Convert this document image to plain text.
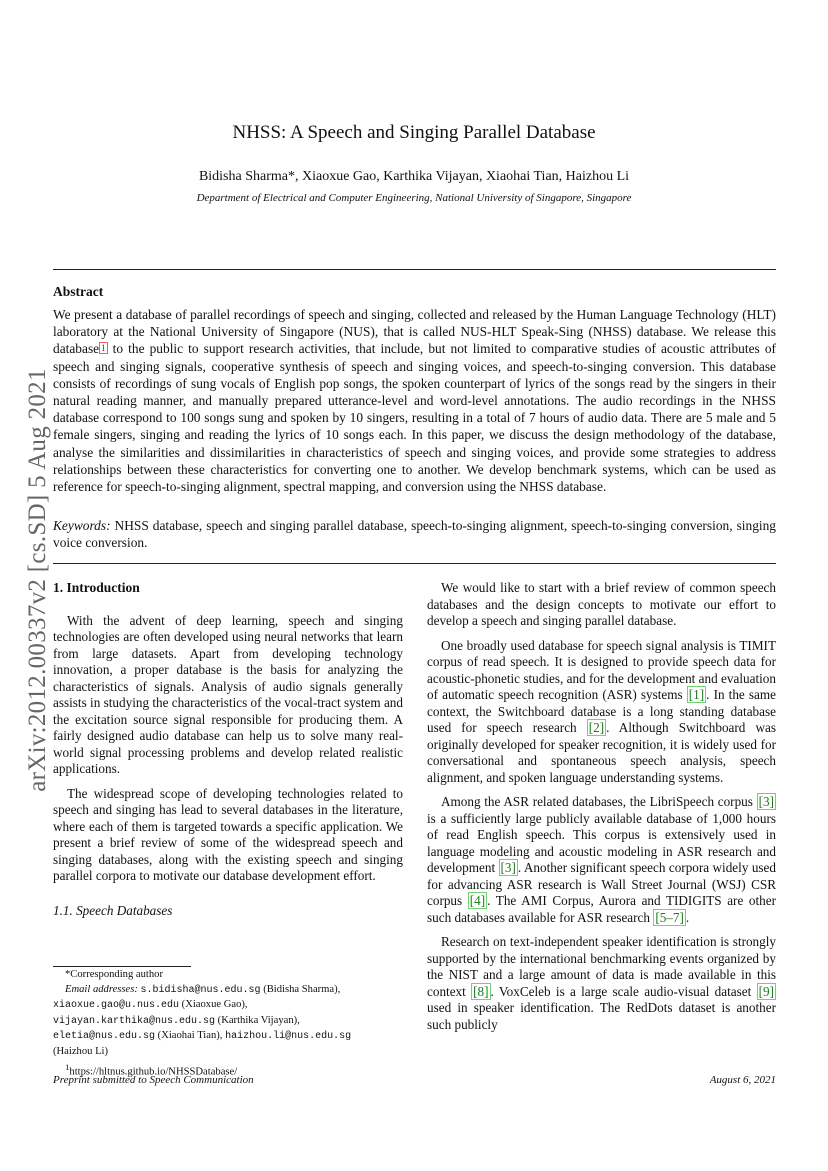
arXiv:2012.00337v2 [cs.SD] 5 Aug 2021
NHSS: A Speech and Singing Parallel Database
Bidisha Sharma*, Xiaoxue Gao, Karthika Vijayan, Xiaohai Tian, Haizhou Li
Department of Electrical and Computer Engineering, National University of Singapore, Singapore
Abstract
We present a database of parallel recordings of speech and singing, collected and released by the Human Language Technology (HLT) laboratory at the National University of Singapore (NUS), that is called NUS-HLT Speak-Sing (NHSS) database. We release this database $^1$ to the public to support research activities, that include, but not limited to comparative studies of acoustic attributes of speech and singing signals, cooperative synthesis of speech and singing voices, and speech-to-singing conversion. This database consists of recordings of sung vocals of English pop songs, the spoken counterpart of lyrics of the songs read by the singers in their natural reading manner, and manually prepared utterance-level and word-level annotations. The audio recordings in the NHSS database correspond to 100 songs sung and spoken by 10 singers, resulting in a total of 7 hours of audio data. There are 5 male and 5 female singers, singing and reading the lyrics of 10 songs each. In this paper, we discuss the design methodology of the database, analyse the similarities and dissimilarities in characteristics of speech and singing voices, and provide some strategies to address relationships between these characteristics for converting one to another. We develop benchmark systems, which can be used as reference for speech-to-singing alignment, spectral mapping, and conversion using the NHSS database.
Keywords: NHSS database, speech and singing parallel database, speech-to-singing alignment, speech-to-singing conversion, singing voice conversion.
1. Introduction

With the advent of deep learning, speech and singing technologies are often developed using neural networks that learn from large datasets. Apart from developing technology innovation, a proper database is the basis for analyzing the characteristics of signals. Analysis of audio signals generally assists in studying the characteristics of the vocal-tract system and the excitation source signal responsible for producing them. A fairly designed audio database can help us to solve many real-world signal processing problems and develop related realistic applications.

The widespread scope of developing technologies related to speech and singing has lead to several databases in the literature, where each of them is targeted towards a specific application. We present a brief review of some of the widespread speech and singing databases, along with the existing speech and singing parallel corpora to motivate our database development effort.

1.1. Speech Databases
*Corresponding author
Email addresses: s.bidisha@nus.edu.sg (Bidisha Sharma),
xiaoxue.gao@u.nus.edu (Xiaoxue Gao),
vijayan.karthika@nus.edu.sg (Karthika Vijayan),
eletia@nus.edu.sg (Xiaohai Tian), haizhou.li@nus.edu.sg
(Haizhou Li)
$^1$https://hltnus.github.io/NHSSDatabase/

We would like to start with a brief review of common speech databases and the design concepts to motivate our effort to develop a speech and singing parallel database.

One broadly used database for speech signal analysis is TIMIT corpus of read speech. It is designed to provide speech data for acoustic-phonetic studies, and for the development and evaluation of automatic speech recognition (ASR) systems [1] . In the same context, the Switchboard database is a long standing database used for speech research [2] . Although Switchboard was originally developed for speaker recognition, it is widely used for conversational and spontaneous speech analysis, speech alignment, and spoken language understanding systems.

Among the ASR related databases, the LibriSpeech corpus [3] is a sufficiently large publicly available database of 1,000 hours of read English speech. This corpus is extensively used in language modeling and acoustic modeling in ASR research and development [3] . Another significant speech corpora widely used for advancing ASR research is Wall Street Journal (WSJ) CSR corpus [4] . The AMI Corpus, Aurora and TIDIGITS are other such databases available for ASR research [5–7] .

Research on text-independent speaker identification is strongly supported by the international benchmarking events organized by the NIST and a large amount of data is made available in this context [8] . VoxCeleb is a large scale audio-visual dataset [9] used in speaker identification. The RedDots dataset is another such publicly

Preprint submitted to Speech Communication	August 6, 2021
